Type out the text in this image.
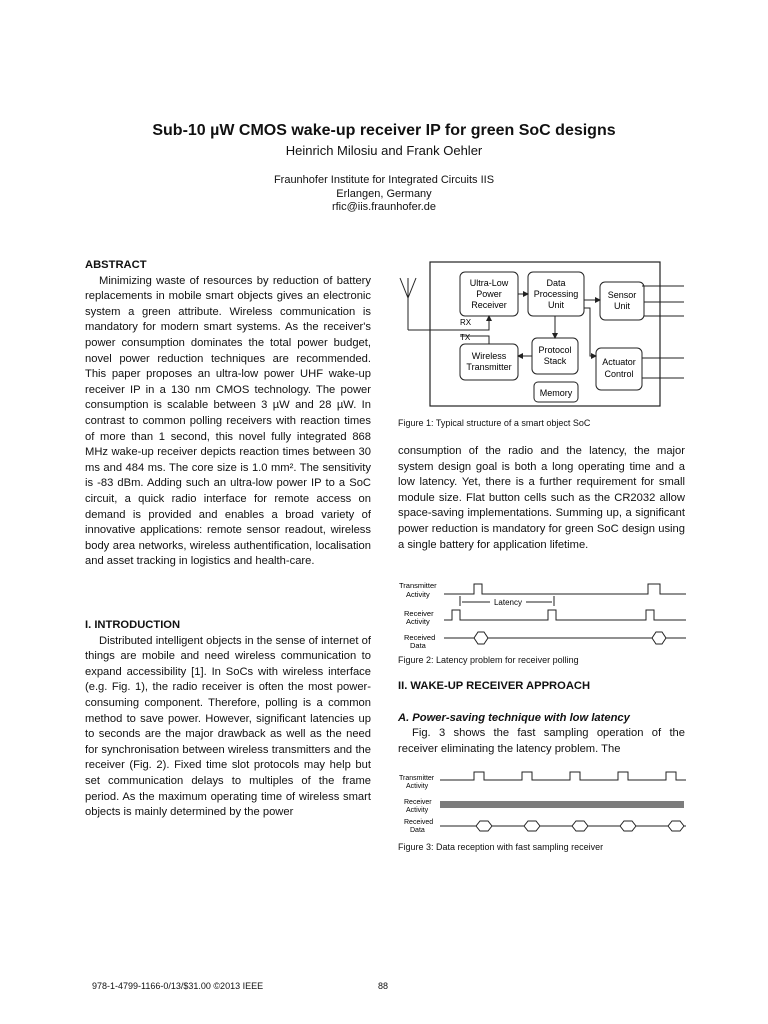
Sub-10 µW CMOS wake-up receiver IP for green SoC designs
Heinrich Milosiu and Frank Oehler
Fraunhofer Institute for Integrated Circuits IIS
Erlangen, Germany
rfic@iis.fraunhofer.de
ABSTRACT

Minimizing waste of resources by reduction of battery replacements in mobile smart objects gives an electronic system a green attribute. Wireless communication is mandatory for modern smart systems. As the receiver's power consumption dominates the total power budget, novel power reduction techniques are recommended. This paper proposes an ultra-low power UHF wake-up receiver IP in a 130 nm CMOS technology. The power consumption is scalable between 3 µW and 28 µW. In contrast to common polling receivers with reaction times of more than 1 second, this novel fully integrated 868 MHz wake-up receiver depicts reaction times between 30 ms and 484 ms. The core size is 1.0 mm². The sensitivity is -83 dBm. Adding such an ultra-low power IP to a SoC circuit, a quick radio interface for remote access on demand is provided and enables a broad variety of innovative applications: remote sensor readout, wireless body area networks, wireless authentification, localisation and asset tracking in logistics and health-care.

I. INTRODUCTION

Distributed intelligent objects in the sense of internet of things are mobile and need wireless communication to expand accessibility [1]. In SoCs with wireless interface (e.g. Fig. 1), the radio receiver is often the most power-consuming component. Therefore, polling is a common method to save power. However, significant latencies up to seconds are the major drawback as well as the need for synchronisation between wireless transmitters and the receiver (Fig. 2). Fixed time slot protocols may help but set communication delays to multiples of the frame period. As the maximum operating time of wireless smart objects is mainly determined by the power

Ultra-Low
Power
Receiver
Data
Processing
Unit
Sensor
Unit
Wireless
Transmitter
Protocol
Stack	Actuator
Control
Memory
RX
TX
Figure 1: Typical structure of a smart object SoC

consumption of the radio and the latency, the major system design goal is both a long operating time and a low latency. Yet, there is a further requirement for small module size. Flat button cells such as the CR2032 allow space-saving implementations. Summing up, a significant power reduction is mandatory for green SoC design using a single battery for application lifetime.

Transmitter
Activity
Latency
Receiver
Activity
Received
Data
Figure 2: Latency problem for receiver polling
II. WAKE-UP RECEIVER APPROACH
A. Power-saving technique with low latency

Fig. 3 shows the fast sampling operation of the receiver eliminating the latency problem. The

Transmitter
Activity
Receiver
Activity
Received
Data
Figure 3: Data reception with fast sampling receiver
978-1-4799-1166-0/13/$31.00 ©2013 IEEE	88
